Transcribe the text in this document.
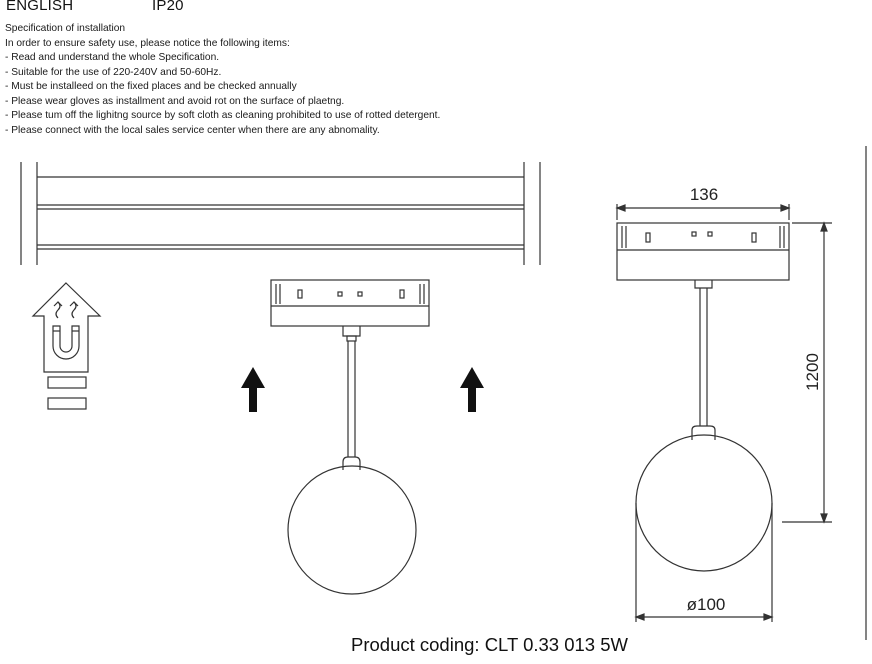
ENGLISH	IP20
Specification of installation
In order to ensure safety use, please notice the following items:
- Read and understand the whole Specification.
- Suitable for the use of 220-240V and 50-60Hz.
- Must be installeed on the fixed places and be checked annually
- Please wear gloves as installment and avoid rot on the surface of plaetng.
- Please tum off the lighitng source by soft cloth as cleaning prohibited to use of rotted detergent.
- Please connect with the local sales service center when there are any abnomality.
136
1200
ø100
Product coding: CLT 0.33 013 5W
